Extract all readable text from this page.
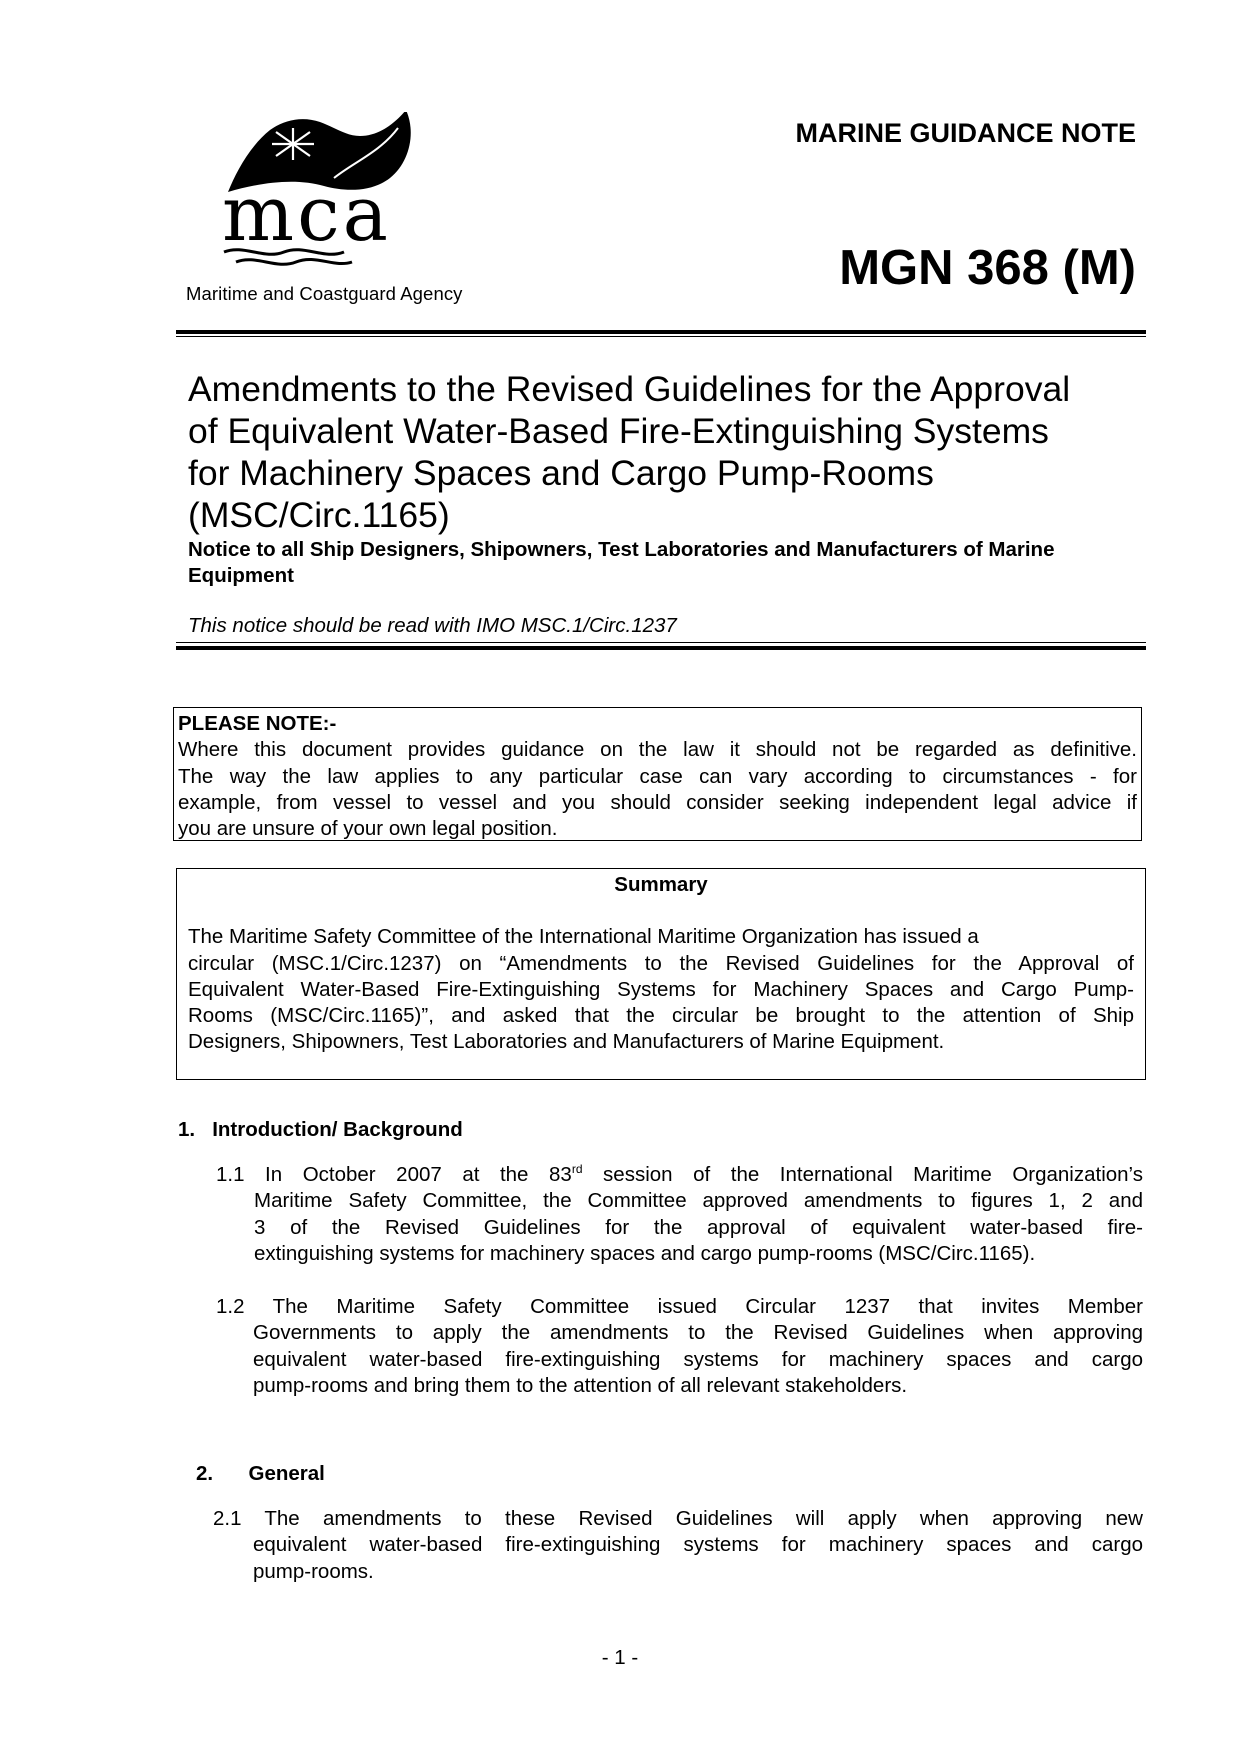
mca
Maritime and Coastguard Agency
MARINE GUIDANCE NOTE
MGN 368 (M)
Amendments to the Revised Guidelines for the Approval
of Equivalent Water-Based Fire-Extinguishing Systems
for Machinery Spaces and Cargo Pump-Rooms
(MSC/Circ.1165)
Notice to all Ship Designers, Shipowners, Test Laboratories and Manufacturers of Marine Equipment
This notice should be read with IMO MSC.1/Circ.1237
PLEASE NOTE:-
Where this document provides guidance on the law it should not be regarded as definitive.
The way the law applies to any particular case can vary according to circumstances - for
example, from vessel to vessel and you should consider seeking independent legal advice if
you are unsure of your own legal position.
Summary
The Maritime Safety Committee of the International Maritime Organization has issued a
circular (MSC.1/Circ.1237) on “Amendments to the Revised Guidelines for the Approval of
Equivalent Water-Based Fire-Extinguishing Systems for Machinery Spaces and Cargo Pump-
Rooms (MSC/Circ.1165)”, and asked that the circular be brought to the attention of Ship
Designers, Shipowners, Test Laboratories and Manufacturers of Marine Equipment.
1. Introduction/ Background
1.1 In October 2007 at the 83rd session of the International Maritime Organization’s
Maritime Safety Committee, the Committee approved amendments to figures 1, 2 and
3 of the Revised Guidelines for the approval of equivalent water-based fire-
extinguishing systems for machinery spaces and cargo pump-rooms (MSC/Circ.1165).
1.2 The Maritime Safety Committee issued Circular 1237 that invites Member
Governments to apply the amendments to the Revised Guidelines when approving
equivalent water-based fire-extinguishing systems for machinery spaces and cargo
pump-rooms and bring them to the attention of all relevant stakeholders.
2. General
2.1 The amendments to these Revised Guidelines will apply when approving new
equivalent water-based fire-extinguishing systems for machinery spaces and cargo
pump-rooms.
- 1 -
